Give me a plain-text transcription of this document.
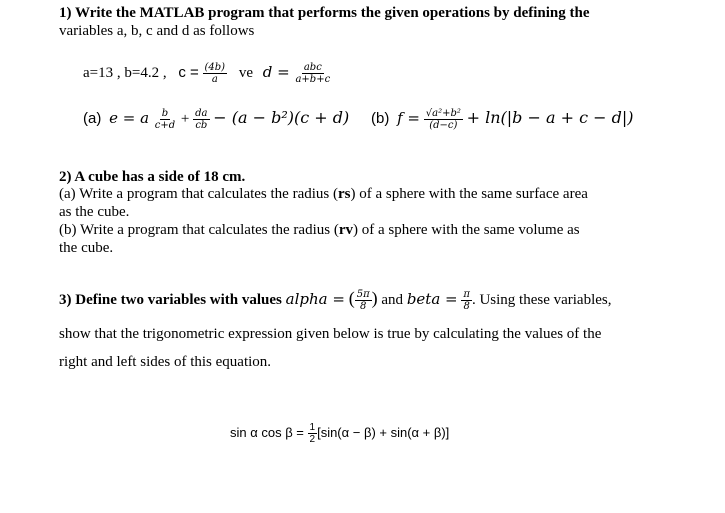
1) Write the MATLAB program that performs the given operations by defining the
variables a, b, c and d as follows
a=13 , b=4.2 , $c = \frac{(4b)}{a}$ ve $d = \frac{\text{abc}}{a+b+c}$
(a) e = a $\frac{b}{c+d} + \frac{da}{cb} - (a - b^2)(c + d)$ (b) $f = \frac{\text{√a²+b²}}{(d-c)} + \ln(|b - a + c - d|)$
2) A cube has a side of 18 cm.
(a) Write a program that calculates the radius (rs) of a sphere with the same surface area
as the cube.
(b) Write a program that calculates the radius (rv) of a sphere with the same volume as
the cube.
3) Define two variables with values alpha = ( $\frac{5\pi}{8}$ ) and beta = $\frac{\pi}{8}$ . Using these variables,
show that the trigonometric expression given below is true by calculating the values of the
right and left sides of this equation.
sin α $\cos \beta = \frac{1}{2} [\sin(\alpha - \beta) + \sin(\alpha + \beta)]$
